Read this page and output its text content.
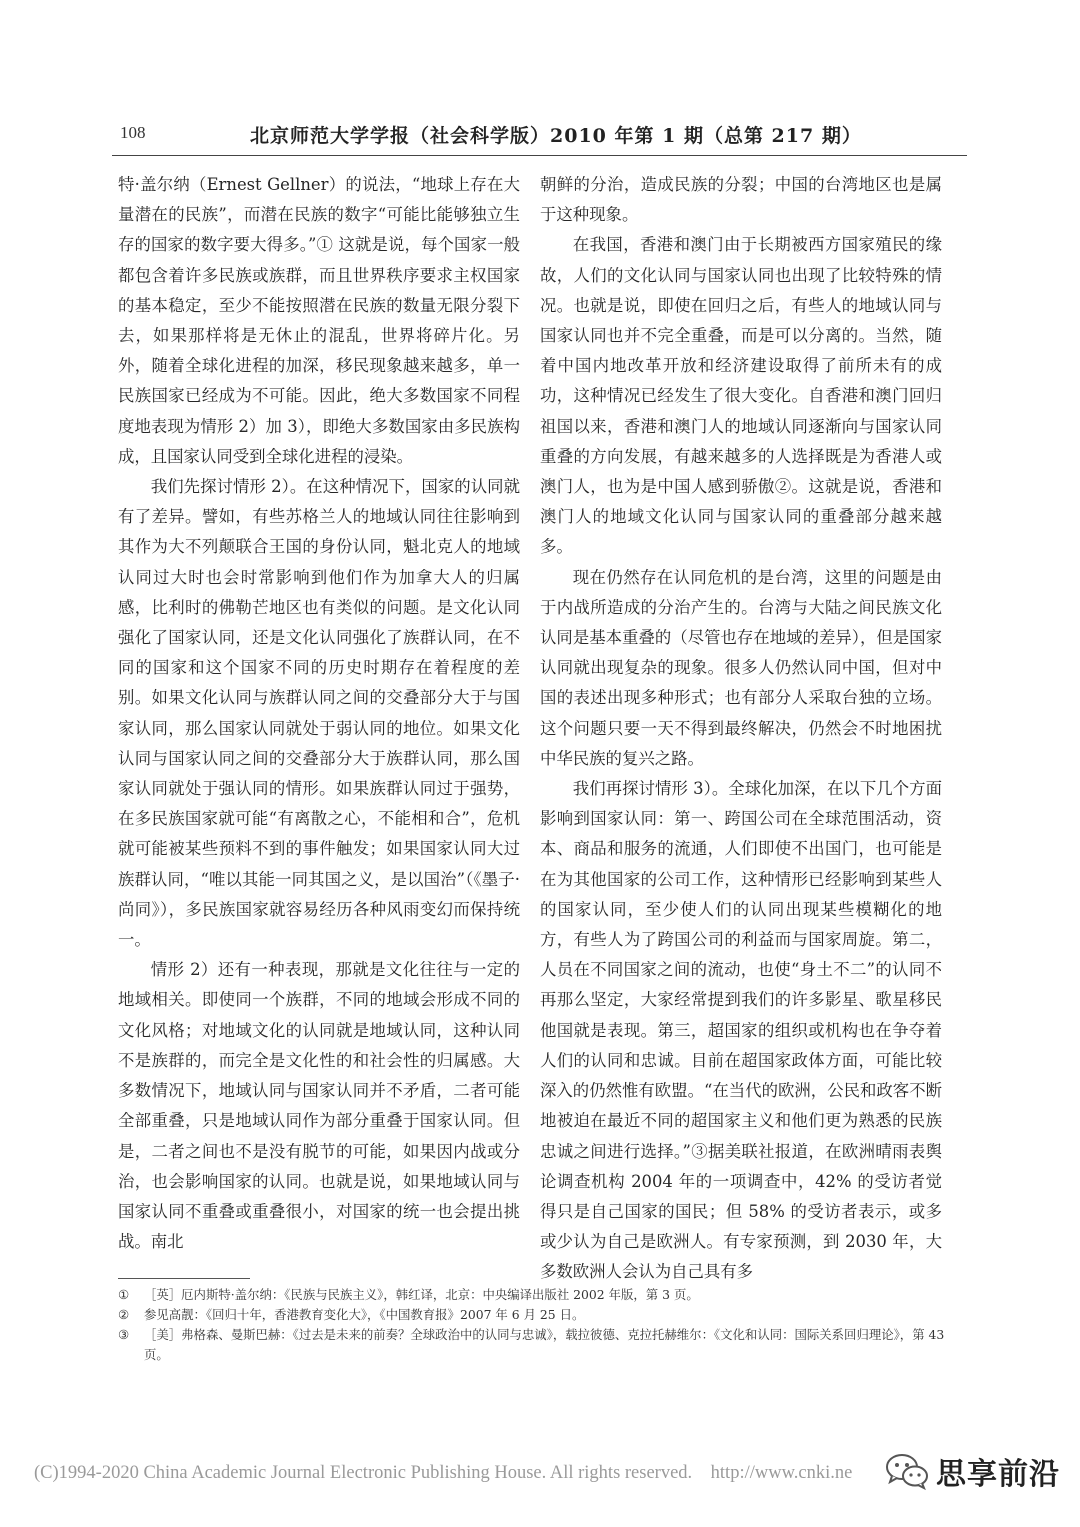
108	北京师范大学学报（社会科学版）2010 年第 1 期（总第 217 期）

特·盖尔纳（Ernest Gellner）的说法，“地球上存在大量潜在的民族”，而潜在民族的数字“可能比能够独立生存的国家的数字要大得多。”① 这就是说，每个国家一般都包含着许多民族或族群，而且世界秩序要求主权国家的基本稳定，至少不能按照潜在民族的数量无限分裂下去，如果那样将是无休止的混乱，世界将碎片化。另外，随着全球化进程的加深，移民现象越来越多，单一民族国家已经成为不可能。因此，绝大多数国家不同程度地表现为情形 2）加 3），即绝大多数国家由多民族构成，且国家认同受到全球化进程的浸染。

我们先探讨情形 2）。在这种情况下，国家的认同就有了差异。譬如，有些苏格兰人的地域认同往往影响到其作为大不列颠联合王国的身份认同，魁北克人的地域认同过大时也会时常影响到他们作为加拿大人的归属感，比利时的佛勒芒地区也有类似的问题。是文化认同强化了国家认同，还是文化认同强化了族群认同，在不同的国家和这个国家不同的历史时期存在着程度的差别。如果文化认同与族群认同之间的交叠部分大于与国家认同，那么国家认同就处于弱认同的地位。如果文化认同与国家认同之间的交叠部分大于族群认同，那么国家认同就处于强认同的情形。如果族群认同过于强势，在多民族国家就可能“有离散之心，不能相和合”，危机就可能被某些预料不到的事件触发；如果国家认同大过族群认同，“唯以其能一同其国之义，是以国治”（《墨子·尚同》），多民族国家就容易经历各种风雨变幻而保持统一。

情形 2）还有一种表现，那就是文化往往与一定的地域相关。即使同一个族群，不同的地域会形成不同的文化风格；对地域文化的认同就是地域认同，这种认同不是族群的，而完全是文化性的和社会性的归属感。大多数情况下，地域认同与国家认同并不矛盾，二者可能全部重叠，只是地域认同作为部分重叠于国家认同。但是，二者之间也不是没有脱节的可能，如果因内战或分治，也会影响国家的认同。也就是说，如果地域认同与国家认同不重叠或重叠很小，对国家的统一也会提出挑战。南北

朝鲜的分治，造成民族的分裂；中国的台湾地区也是属于这种现象。

在我国，香港和澳门由于长期被西方国家殖民的缘故，人们的文化认同与国家认同也出现了比较特殊的情况。也就是说，即使在回归之后，有些人的地域认同与国家认同也并不完全重叠，而是可以分离的。当然，随着中国内地改革开放和经济建设取得了前所未有的成功，这种情况已经发生了很大变化。自香港和澳门回归祖国以来，香港和澳门人的地域认同逐渐向与国家认同重叠的方向发展，有越来越多的人选择既是为香港人或澳门人，也为是中国人感到骄傲②。这就是说，香港和澳门人的地域文化认同与国家认同的重叠部分越来越多。

现在仍然存在认同危机的是台湾，这里的问题是由于内战所造成的分治产生的。台湾与大陆之间民族文化认同是基本重叠的（尽管也存在地域的差异），但是国家认同就出现复杂的现象。很多人仍然认同中国，但对中国的表述出现多种形式；也有部分人采取台独的立场。这个问题只要一天不得到最终解决，仍然会不时地困扰中华民族的复兴之路。

我们再探讨情形 3）。全球化加深，在以下几个方面影响到国家认同：第一、跨国公司在全球范围活动，资本、商品和服务的流通，人们即使不出国门，也可能是在为其他国家的公司工作，这种情形已经影响到某些人的国家认同，至少使人们的认同出现某些模糊化的地方，有些人为了跨国公司的利益而与国家周旋。第二，人员在不同国家之间的流动，也使“身土不二”的认同不再那么坚定，大家经常提到我们的许多影星、歌星移民他国就是表现。第三，超国家的组织或机构也在争夺着人们的认同和忠诚。目前在超国家政体方面，可能比较深入的仍然惟有欧盟。“在当代的欧洲，公民和政客不断地被迫在最近不同的超国家主义和他们更为熟悉的民族忠诚之间进行选择。”③据美联社报道，在欧洲晴雨表舆论调查机构 2004 年的一项调查中，42% 的受访者觉得只是自己国家的国民；但 58% 的受访者表示，或多或少认为自己是欧洲人。有专家预测，到 2030 年，大多数欧洲人会认为自己具有多

①	［英］厄内斯特·盖尔纳：《民族与民族主义》，韩红译，北京：中央编译出版社 2002 年版，第 3 页。
②	参见高靓：《回归十年，香港教育变化大》，《中国教育报》2007 年 6 月 25 日。
③	［美］弗格森、曼斯巴赫：《过去是未来的前奏？全球政治中的认同与忠诚》，载拉彼德、克拉托赫维尔：《文化和认同：国际关系回归理论》，第 43页。
(C)1994-2020 China Academic Journal Electronic Publishing House. All rights reserved.    http://www.cnki.ne	思享前沿
